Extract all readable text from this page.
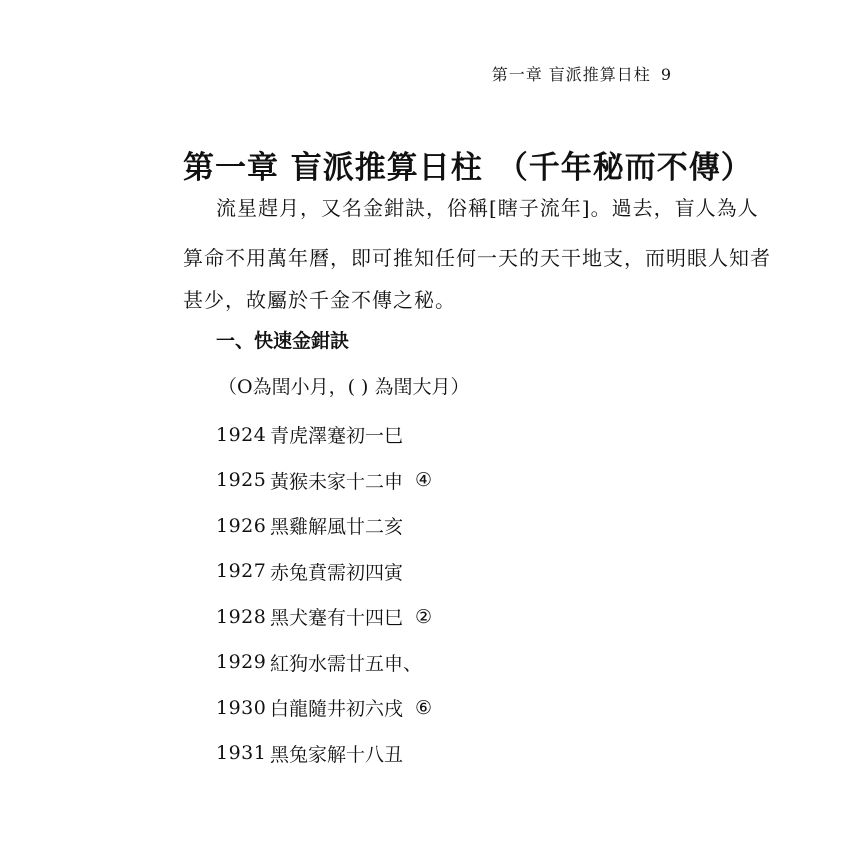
第一章 盲派推算日柱 9
第一章 盲派推算日柱 （千年秘而不傳）
流星趕月，又名金鉗訣，俗稱[瞎子流年]。過去，盲人為人
算命不用萬年曆，即可推知任何一天的天干地支，而明眼人知者
甚少，故屬於千金不傳之秘。
一、快速金鉗訣
（O為閏小月，( ) 為閏大月）
1924 青虎澤蹇初一巳
1925 黃猴未家十二申 ④
1926 黑雞解風廿二亥
1927 赤兔賁需初四寅
1928 黑犬蹇有十四巳 ②
1929 紅狗水需廿五申、
1930 白龍隨井初六戌 ⑥
1931 黑兔家解十八丑
